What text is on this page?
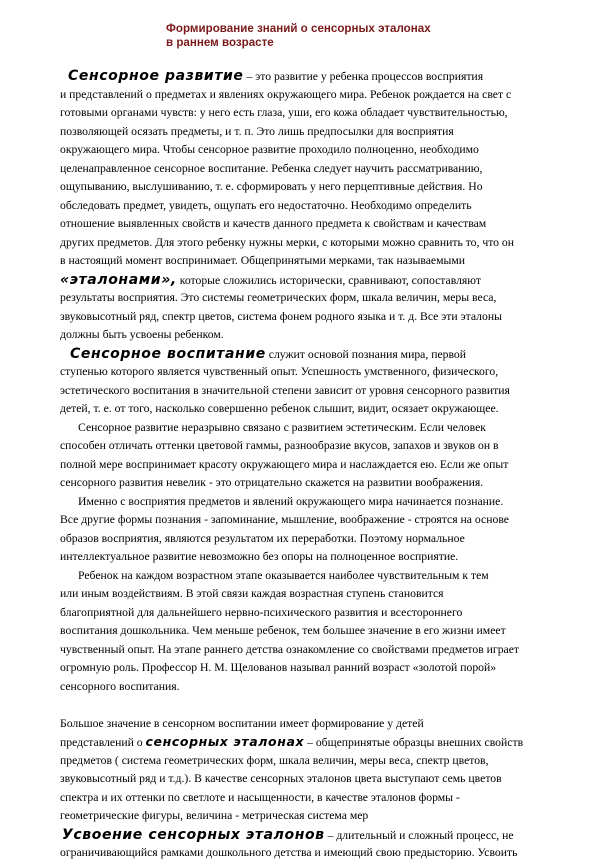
Формирование знаний о сенсорных эталонах
в раннем возрасте
Сенсорное развитие – это развитие у ребенка процессов восприятия
и представлений о предметах и явлениях окружающего мира. Ребенок рождается на свет с
готовыми органами чувств: у него есть глаза, уши, его кожа обладает чувствительностью,
позволяющей осязать предметы, и т. п. Это лишь предпосылки для восприятия
окружающего мира. Чтобы сенсорное развитие проходило полноценно, необходимо
целенаправленное сенсорное воспитание. Ребенка следует научить рассматриванию,
ощупыванию, выслушиванию, т. е. сформировать у него перцептивные действия. Но
обследовать предмет, увидеть, ощупать его недостаточно. Необходимо определить
отношение выявленных свойств и качеств данного предмета к свойствам и качествам
других предметов. Для этого ребенку нужны мерки, с которыми можно сравнить то, что он
в настоящий момент воспринимает. Общепринятыми мерками, так называемыми
«эталонами», которые сложились исторически, сравнивают, сопоставляют
результаты восприятия. Это системы геометрических форм, шкала величин, меры веса,
звуковысотный ряд, спектр цветов, система фонем родного языка и т. д. Все эти эталоны
должны быть усвоены ребенком.
Сенсорное воспитание служит основой познания мира, первой
ступенью которого является чувственный опыт. Успешность умственного, физического,
эстетического воспитания в значительной степени зависит от уровня сенсорного развития
детей, т. е. от того, насколько совершенно ребенок слышит, видит, осязает окружающее.
Сенсорное развитие неразрывно связано с развитием эстетическим. Если человек
способен отличать оттенки цветовой гаммы, разнообразие вкусов, запахов и звуков он в
полной мере воспринимает красоту окружающего мира и наслаждается ею. Если же опыт
сенсорного развития невелик - это отрицательно скажется на развитии воображения.
Именно с восприятия предметов и явлений окружающего мира начинается познание.
Все другие формы познания - запоминание, мышление, воображение - строятся на основе
образов восприятия, являются результатом их переработки. Поэтому нормальное
интеллектуальное развитие невозможно без опоры на полноценное восприятие.
Ребенок на каждом возрастном этапе оказывается наиболее чувствительным к тем
или иным воздействиям. В этой связи каждая возрастная ступень становится
благоприятной для дальнейшего нервно-психического развития и всестороннего
воспитания дошкольника. Чем меньше ребенок, тем большее значение в его жизни имеет
чувственный опыт. На этапе раннего детства ознакомление со свойствами предметов играет
огромную роль. Профессор Н. М. Щелованов называл ранний возраст «золотой порой»
сенсорного воспитания.
Большое значение в сенсорном воспитании имеет формирование у детей
представлений о сенсорных эталонах – общепринятые образцы внешних свойств
предметов ( система геометрических форм, шкала величин, меры веса, спектр цветов,
звуковысотный ряд и т.д.). В качестве сенсорных эталонов цвета выступают семь цветов
спектра и их оттенки по светлоте и насыщенности, в качестве эталонов формы -
геометрические фигуры, величина - метрическая система мер
Усвоение сенсорных эталонов – длительный и сложный процесс, не
ограничивающийся рамками дошкольного детства и имеющий свою предысторию. Усвоить
